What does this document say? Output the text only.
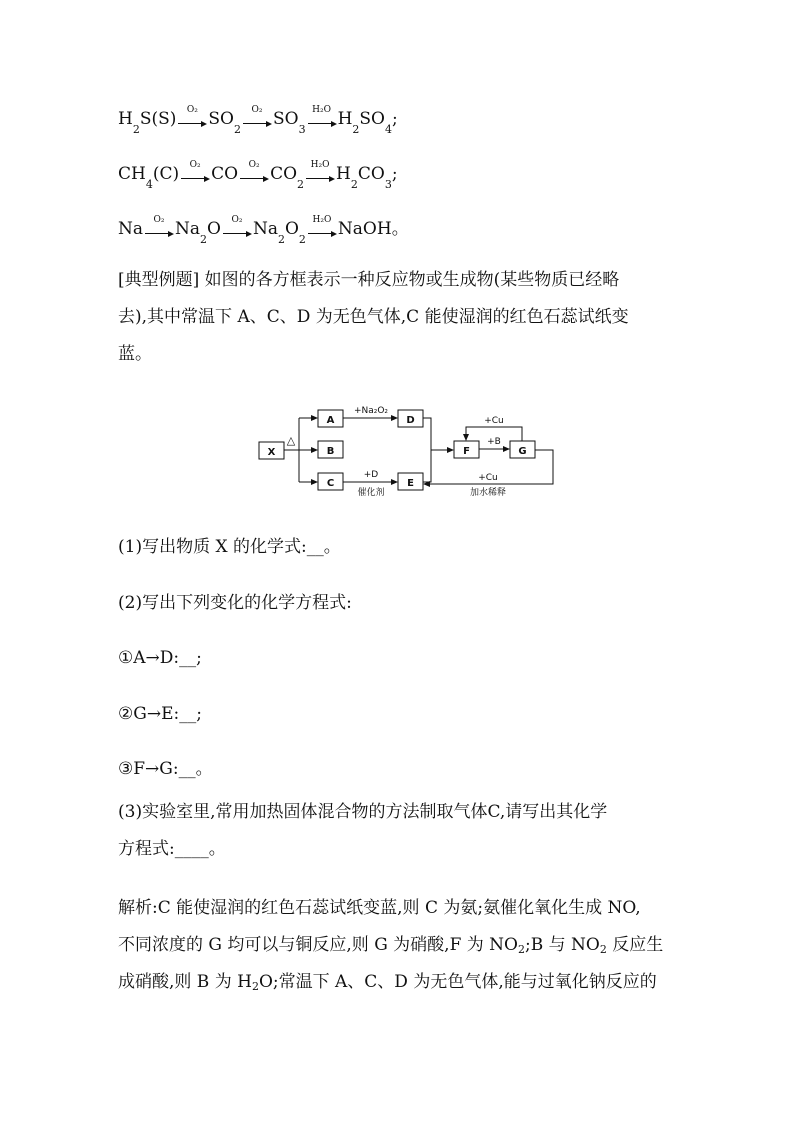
H
2
S(S)	O₂ SO
2
O₂ SO
3
H₂O H
2
SO
4
;
CH
4
(C)	O₂ CO	O₂ CO
2
H₂O H
2
CO
3
;
Na	O₂ Na
2
O	O₂ Na
2
O
2
H₂O NaOH。
[典型例题] 如图的各方框表示一种反应物或生成物(某些物质已经略
去),其中常温下 A、C、D 为无色气体,C 能使湿润的红色石蕊试纸变
蓝。
X
A
B
C
D
E
F	G
△
+Na₂O₂
+D
催化剂
+B
+Cu
+Cu
加水稀释
(1)写出物质 X 的化学式:__。
(2)写出下列变化的化学方程式:
①A→D:__;
②G→E:__;
③F→G:__。
(3)实验室里,常用加热固体混合物的方法制取气体C,请写出其化学
方程式:____。
解析:C 能使湿润的红色石蕊试纸变蓝,则 C 为氨;氨催化氧化生成 NO,
不同浓度的 G 均可以与铜反应,则 G 为硝酸,F 为 $NO_2;B$ 与 $NO_2$ 反应生
成硝酸,则 B 为 $H_2O$;常温下 A、C、D 为无色气体,能与过氧化钠反应的
